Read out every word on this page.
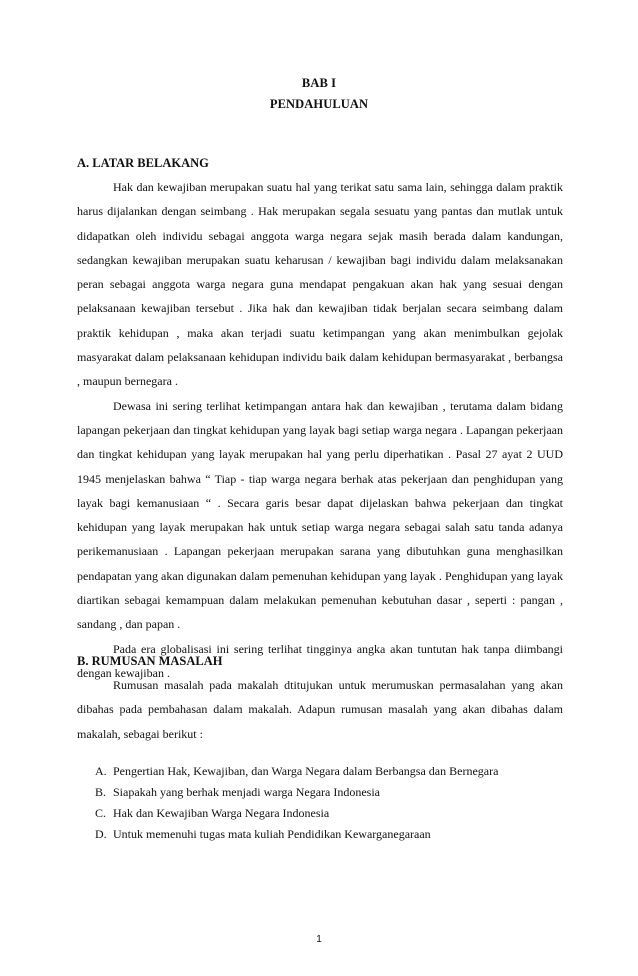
BAB I
PENDAHULUAN
A. LATAR BELAKANG

Hak dan kewajiban merupakan suatu hal yang terikat satu sama lain, sehingga dalam praktik harus dijalankan dengan seimbang . Hak merupakan segala sesuatu yang pantas dan mutlak untuk didapatkan oleh individu sebagai anggota warga negara sejak masih berada dalam kandungan, sedangkan kewajiban merupakan suatu keharusan / kewajiban bagi individu dalam melaksanakan peran sebagai anggota warga negara guna mendapat pengakuan akan hak yang sesuai dengan pelaksanaan kewajiban tersebut . Jika hak dan kewajiban tidak berjalan secara seimbang dalam praktik kehidupan , maka akan terjadi suatu ketimpangan yang akan menimbulkan gejolak masyarakat dalam pelaksanaan kehidupan individu baik dalam kehidupan bermasyarakat , berbangsa , maupun bernegara .

Dewasa ini sering terlihat ketimpangan antara hak dan kewajiban , terutama dalam bidang lapangan pekerjaan dan tingkat kehidupan yang layak bagi setiap warga negara . Lapangan pekerjaan dan tingkat kehidupan yang layak merupakan hal yang perlu diperhatikan . Pasal 27 ayat 2 UUD 1945 menjelaskan bahwa “ Tiap - tiap warga negara berhak atas pekerjaan dan penghidupan yang layak bagi kemanusiaan “ . Secara garis besar dapat dijelaskan bahwa pekerjaan dan tingkat kehidupan yang layak merupakan hak untuk setiap warga negara sebagai salah satu tanda adanya perikemanusiaan . Lapangan pekerjaan merupakan sarana yang dibutuhkan guna menghasilkan pendapatan yang akan digunakan dalam pemenuhan kehidupan yang layak . Penghidupan yang layak diartikan sebagai kemampuan dalam melakukan pemenuhan kebutuhan dasar , seperti : pangan , sandang , dan papan .

Pada era globalisasi ini sering terlihat tingginya angka akan tuntutan hak tanpa diimbangi dengan kewajiban .

B. RUMUSAN MASALAH

Rumusan masalah pada makalah dtitujukan untuk merumuskan permasalahan yang akan dibahas pada pembahasan dalam makalah. Adapun rumusan masalah yang akan dibahas dalam makalah, sebagai berikut :

A. Pengertian Hak, Kewajiban, dan Warga Negara dalam Berbangsa dan Bernegara
B. Siapakah yang berhak menjadi warga Negara Indonesia
C. Hak dan Kewajiban Warga Negara Indonesia
D. Untuk memenuhi tugas mata kuliah Pendidikan Kewarganegaraan
1
